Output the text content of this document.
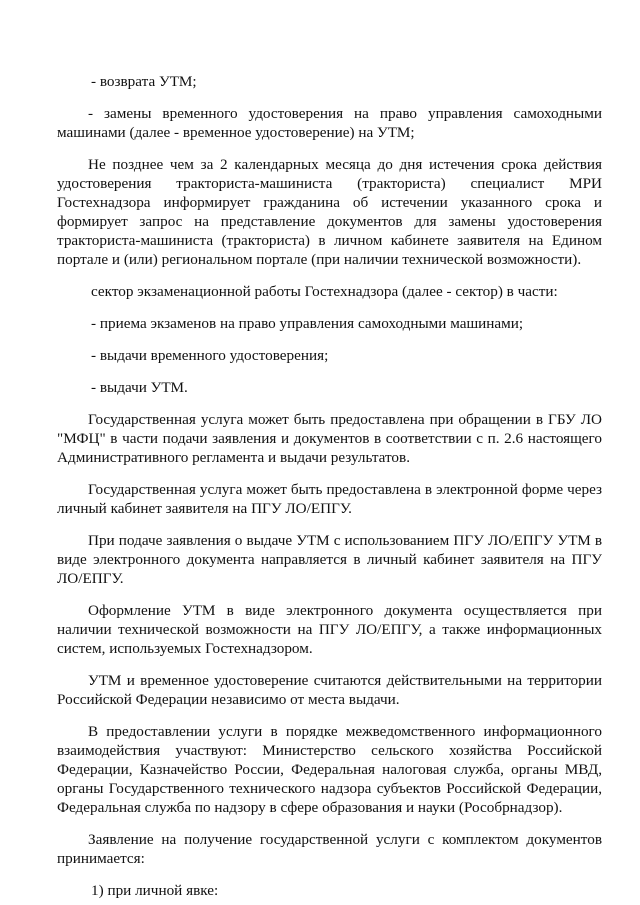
- возврата УТМ;

- замены временного удостоверения на право управления самоходными машинами (далее - временное удостоверение) на УТМ;

Не позднее чем за 2 календарных месяца до дня истечения срока действия удостоверения тракториста-машиниста (тракториста) специалист МРИ Гостехнадзора информирует гражданина об истечении указанного срока и формирует запрос на представление документов для замены удостоверения тракториста-машиниста (тракториста) в личном кабинете заявителя на Едином портале и (или) региональном портале (при наличии технической возможности).

сектор экзаменационной работы Гостехнадзора (далее - сектор) в части:

- приема экзаменов на право управления самоходными машинами;

- выдачи временного удостоверения;

- выдачи УТМ.

Государственная услуга может быть предоставлена при обращении в ГБУ ЛО "МФЦ" в части подачи заявления и документов в соответствии с п. 2.6 настоящего Административного регламента и выдачи результатов.

Государственная услуга может быть предоставлена в электронной форме через личный кабинет заявителя на ПГУ ЛО/ЕПГУ.

При подаче заявления о выдаче УТМ с использованием ПГУ ЛО/ЕПГУ УТМ в виде электронного документа направляется в личный кабинет заявителя на ПГУ ЛО/ЕПГУ.

Оформление УТМ в виде электронного документа осуществляется при наличии технической возможности на ПГУ ЛО/ЕПГУ, а также информационных систем, используемых Гостехнадзором.

УТМ и временное удостоверение считаются действительными на территории Российской Федерации независимо от места выдачи.

В предоставлении услуги в порядке межведомственного информационного взаимодействия участвуют: Министерство сельского хозяйства Российской Федерации, Казначейство России, Федеральная налоговая служба, органы МВД, органы Государственного технического надзора субъектов Российской Федерации, Федеральная служба по надзору в сфере образования и науки (Рособрнадзор).

Заявление на получение государственной услуги с комплектом документов принимается:

1) при личной явке:
